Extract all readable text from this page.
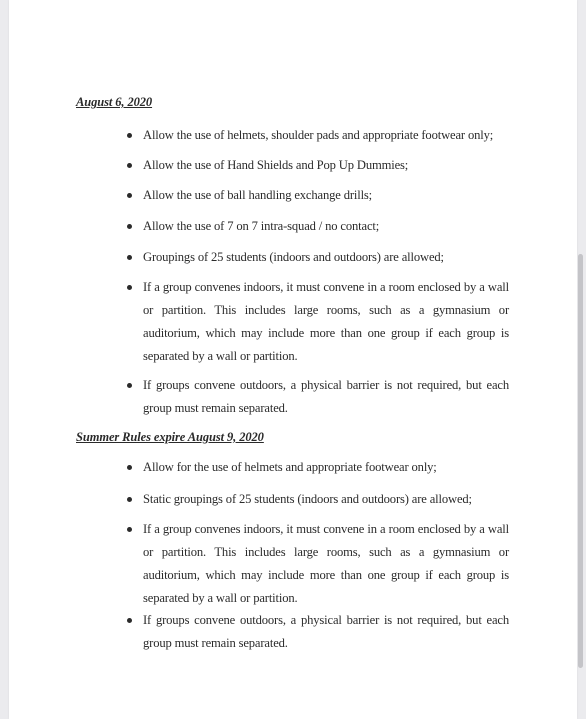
August 6, 2020
Allow the use of Hand Shields and Pop Up Dummies;
Allow the use of ball handling exchange drills;
Allow the use of 7 on 7 intra-squad / no contact;
Groupings of 25 students (indoors and outdoors) are allowed;
If a group convenes indoors, it must convene in a room enclosed by a wall or partition. This includes large rooms, such as a gymnasium or auditorium, which may include more than one group if each group is separated by a wall or partition.
If groups convene outdoors, a physical barrier is not required, but each group must remain separated.
Summer Rules expire August 9, 2020
Allow for the use of helmets and appropriate footwear only;
Static groupings of 25 students (indoors and outdoors) are allowed;
If a group convenes indoors, it must convene in a room enclosed by a wall or partition. This includes large rooms, such as a gymnasium or auditorium, which may include more than one group if each group is separated by a wall or partition.
If groups convene outdoors, a physical barrier is not required, but each group must remain separated.
Allow the use of helmets, shoulder pads and appropriate footwear only;
